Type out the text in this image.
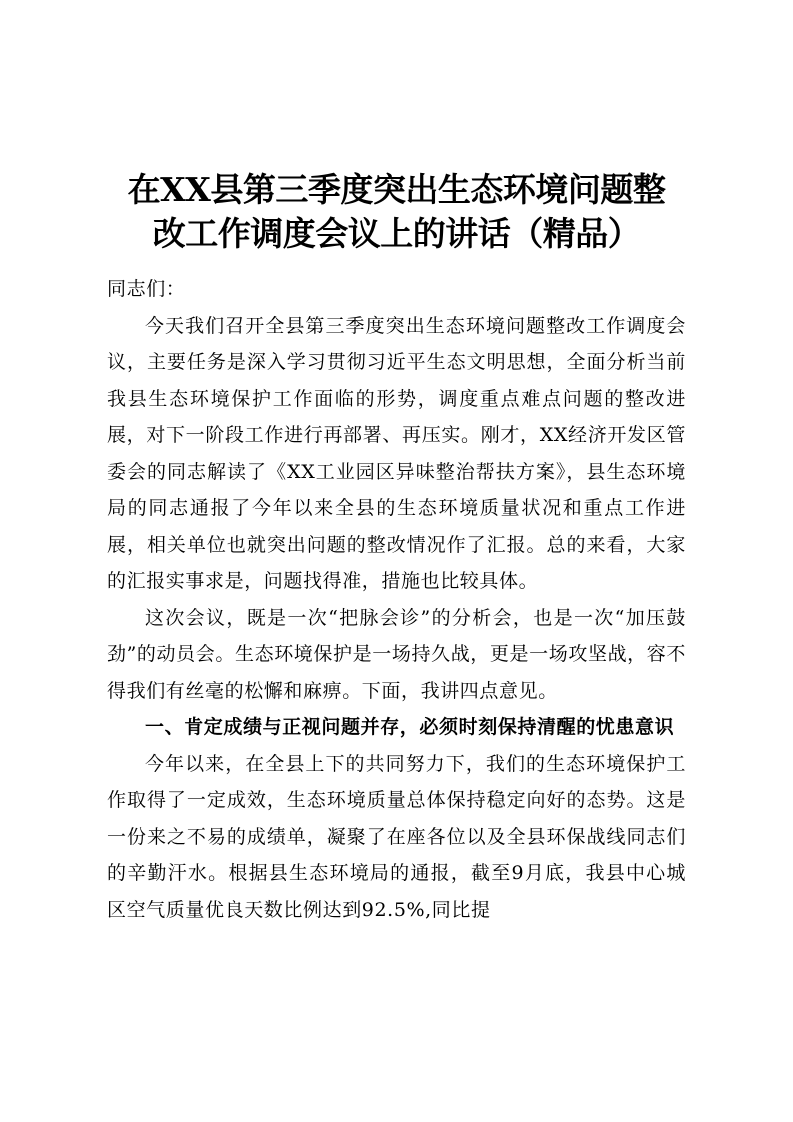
在XX县第三季度突出生态环境问题整
改工作调度会议上的讲话（精品）

同志们：

今天我们召开全县第三季度突出生态环境问题整改工作调度会议，主要任务是深入学习贯彻习近平生态文明思想，全面分析当前我县生态环境保护工作面临的形势，调度重点难点问题的整改进展，对下一阶段工作进行再部署、再压实。刚才，XX经济开发区管委会的同志解读了《XX工业园区异味整治帮扶方案》，县生态环境局的同志通报了今年以来全县的生态环境质量状况和重点工作进展，相关单位也就突出问题的整改情况作了汇报。总的来看，大家的汇报实事求是，问题找得准，措施也比较具体。

这次会议，既是一次“把脉会诊”的分析会，也是一次“加压鼓劲”的动员会。生态环境保护是一场持久战，更是一场攻坚战，容不得我们有丝毫的松懈和麻痹。下面，我讲四点意见。

一、肯定成绩与正视问题并存，必须时刻保持清醒的忧患意识

今年以来，在全县上下的共同努力下，我们的生态环境保护工作取得了一定成效，生态环境质量总体保持稳定向好的态势。这是一份来之不易的成绩单，凝聚了在座各位以及全县环保战线同志们的辛勤汗水。根据县生态环境局的通报，截至9月底，我县中心城区空气质量优良天数比例达到92.5%,同比提
